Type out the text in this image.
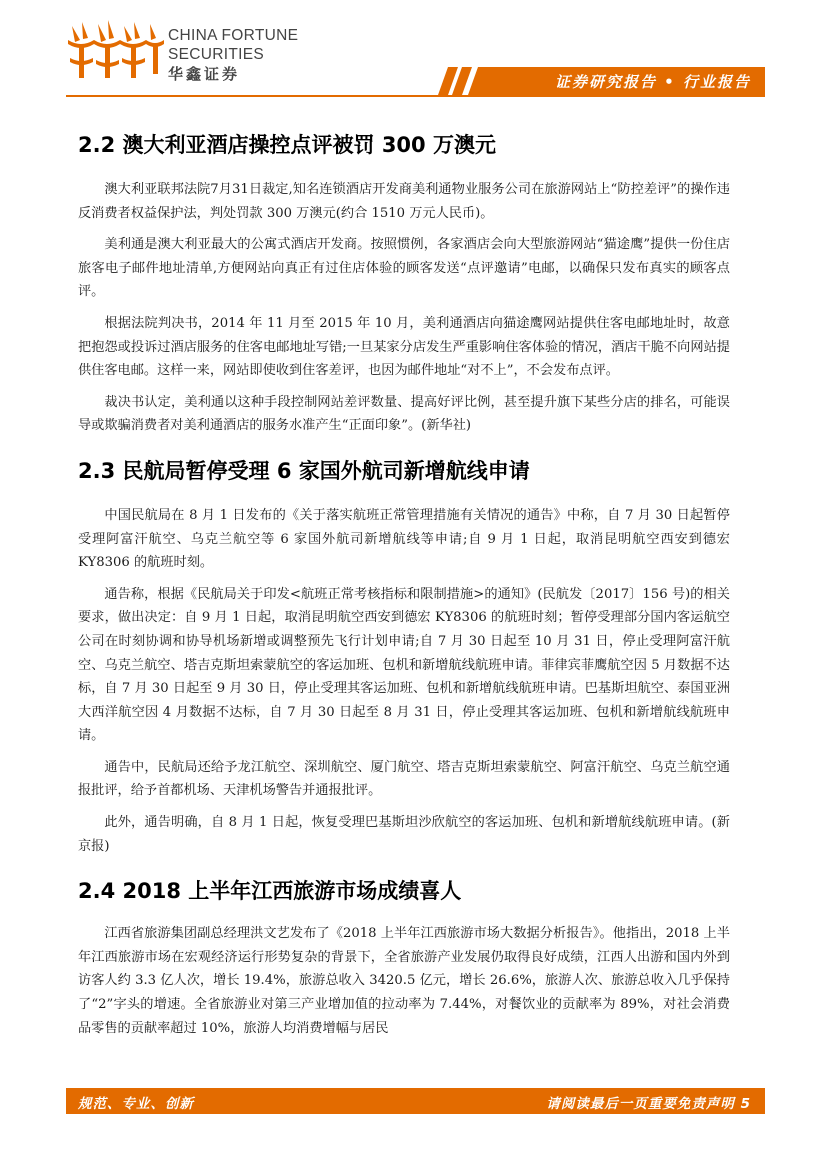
CHINA FORTUNE
SECURITIES
华鑫证券	证券研究报告 • 行业报告
2.2 澳大利亚酒店操控点评被罚 300 万澳元

澳大利亚联邦法院7月31日裁定,知名连锁酒店开发商美利通物业服务公司在旅游网站上“防控差评”的操作违反消费者权益保护法，判处罚款 300 万澳元(约合 1510 万元人民币)。

美利通是澳大利亚最大的公寓式酒店开发商。按照惯例，各家酒店会向大型旅游网站“猫途鹰”提供一份住店旅客电子邮件地址清单,方便网站向真正有过住店体验的顾客发送“点评邀请”电邮，以确保只发布真实的顾客点评。

根据法院判决书，2014 年 11 月至 2015 年 10 月，美利通酒店向猫途鹰网站提供住客电邮地址时，故意把抱怨或投诉过酒店服务的住客电邮地址写错;一旦某家分店发生严重影响住客体验的情况，酒店干脆不向网站提供住客电邮。这样一来，网站即使收到住客差评，也因为邮件地址“对不上”，不会发布点评。

裁决书认定，美利通以这种手段控制网站差评数量、提高好评比例，甚至提升旗下某些分店的排名，可能误导或欺骗消费者对美利通酒店的服务水准产生“正面印象”。(新华社)

2.3 民航局暂停受理 6 家国外航司新增航线申请

中国民航局在 8 月 1 日发布的《关于落实航班正常管理措施有关情况的通告》中称，自 7 月 30 日起暂停受理阿富汗航空、乌克兰航空等 6 家国外航司新增航线等申请;自 9 月 1 日起，取消昆明航空西安到德宏 KY8306 的航班时刻。

通告称，根据《民航局关于印发<航班正常考核指标和限制措施>的通知》(民航发〔2017〕156 号)的相关要求，做出决定：自 9 月 1 日起，取消昆明航空西安到德宏 KY8306 的航班时刻；暂停受理部分国内客运航空公司在时刻协调和协导机场新增或调整预先飞行计划申请;自 7 月 30 日起至 10 月 31 日，停止受理阿富汗航空、乌克兰航空、塔吉克斯坦索蒙航空的客运加班、包机和新增航线航班申请。菲律宾菲鹰航空因 5 月数据不达标，自 7 月 30 日起至 9 月 30 日，停止受理其客运加班、包机和新增航线航班申请。巴基斯坦航空、泰国亚洲大西洋航空因 4 月数据不达标，自 7 月 30 日起至 8 月 31 日，停止受理其客运加班、包机和新增航线航班申请。

通告中，民航局还给予龙江航空、深圳航空、厦门航空、塔吉克斯坦索蒙航空、阿富汗航空、乌克兰航空通报批评，给予首都机场、天津机场警告并通报批评。

此外，通告明确，自 8 月 1 日起，恢复受理巴基斯坦沙欣航空的客运加班、包机和新增航线航班申请。(新京报)

2.4 2018 上半年江西旅游市场成绩喜人

江西省旅游集团副总经理洪文艺发布了《2018 上半年江西旅游市场大数据分析报告》。他指出，2018 上半年江西旅游市场在宏观经济运行形势复杂的背景下，全省旅游产业发展仍取得良好成绩，江西人出游和国内外到访客人约 3.3 亿人次，增长 19.4%，旅游总收入 3420.5 亿元，增长 26.6%，旅游人次、旅游总收入几乎保持了“2”字头的增速。全省旅游业对第三产业增加值的拉动率为 7.44%，对餐饮业的贡献率为 89%，对社会消费品零售的贡献率超过 10%，旅游人均消费增幅与居民

规范、专业、创新	请阅读最后一页重要免责声明 5
